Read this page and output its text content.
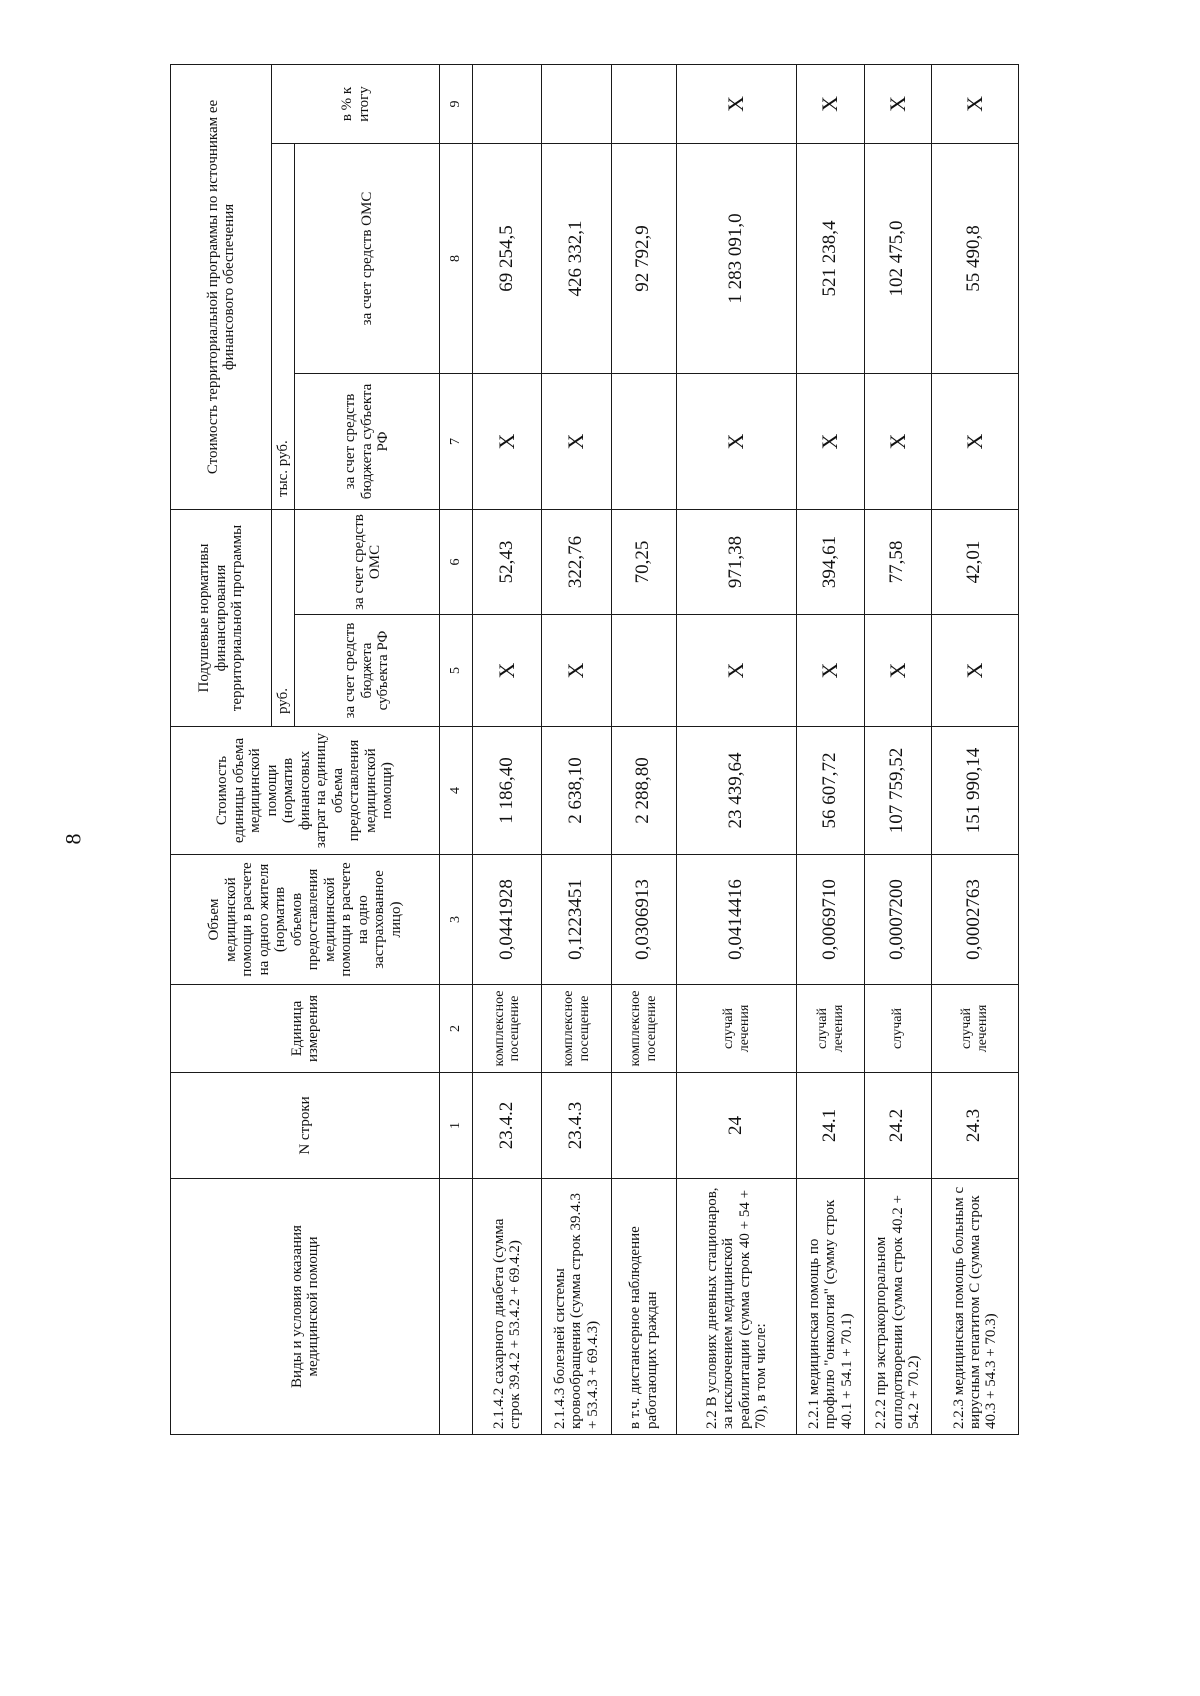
8
Виды и условия оказания медицинской помощи	N строки	Единица измерения	Объем медицинской помощи в расчете на одного жителя (норматив объемов предоставления медицинской помощи в расчете на одно застрахованное лицо)	Стоимость единицы объема медицинской помощи (норматив финансовых затрат на единицу объема предоставления медицинской помощи)	Подушевые нормативы финансирования территориальной программы		Стоимость территориальной программы по источникам ее финансового обеспечения		
					руб.		тыс. руб.		в % к итогу
					за счет средств бюджета субъекта РФ	за счет средств ОМС	за счет средств бюджета субъекта РФ	за счет средств ОМС	
	1	2	3	4	5	6	7	8	9
2.1.4.2 сахарного диабета (сумма строк 39.4.2 + 53.4.2 + 69.4.2)	23.4.2	комплексное посещение	0,0441928	1 186,40	X	52,43	X	69 254,5	
2.1.4.3 болезней системы кровообращения (сумма строк 39.4.3 + 53.4.3 + 69.4.3)	23.4.3	комплексное посещение	0,1223451	2 638,10	X	322,76	X	426 332,1	
в т.ч. дистансерное наблюдение работающих граждан		комплексное посещение	0,0306913	2 288,80		70,25		92 792,9	
2.2 В условиях дневных стационаров, за исключением медицинской реабилитации (сумма строк 40 + 54 + 70), в том числе:	24	случай лечения	0,0414416	23 439,64	X	971,38	X	1 283 091,0	X
2.2.1 медицинская помощь по профилю "онкология" (сумму строк 40.1 + 54.1 + 70.1)	24.1	случай лечения	0,0069710	56 607,72	X	394,61	X	521 238,4	X
2.2.2 при экстракорпоральном оплодотворении (сумма строк 40.2 + 54.2 + 70.2)	24.2	случай	0,0007200	107 759,52	X	77,58	X	102 475,0	X
2.2.3 медицинская помощь больным с вирусным гепатитом С (сумма строк 40.3 + 54.3 + 70.3)	24.3	случай лечения	0,0002763	151 990,14	X	42,01	X	55 490,8	X
